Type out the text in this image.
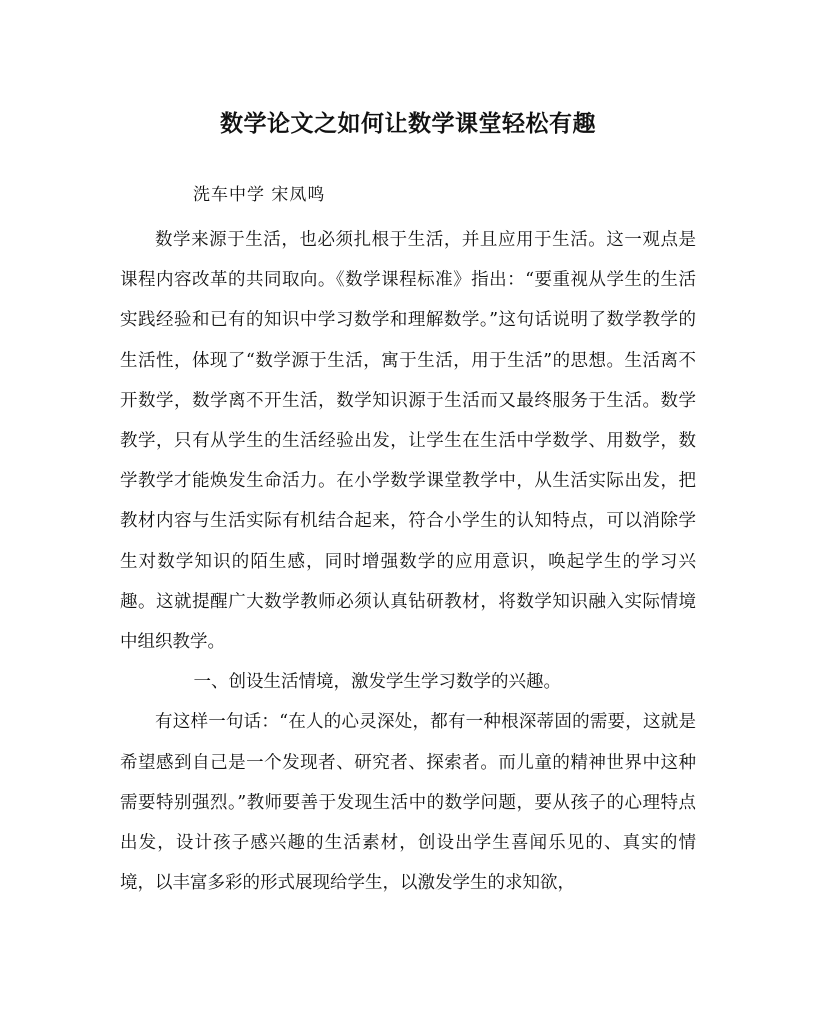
数学论文之如何让数学课堂轻松有趣

洗车中学 宋凤鸣

数学来源于生活，也必须扎根于生活，并且应用于生活。这一观点是课程内容改革的共同取向。《数学课程标准》指出：“要重视从学生的生活实践经验和已有的知识中学习数学和理解数学。”这句话说明了数学教学的生活性，体现了“数学源于生活，寓于生活，用于生活”的思想。生活离不开数学，数学离不开生活，数学知识源于生活而又最终服务于生活。数学教学，只有从学生的生活经验出发，让学生在生活中学数学、用数学，数学教学才能焕发生命活力。在小学数学课堂教学中，从生活实际出发，把教材内容与生活实际有机结合起来，符合小学生的认知特点，可以消除学生对数学知识的陌生感，同时增强数学的应用意识，唤起学生的学习兴趣。这就提醒广大数学教师必须认真钻研教材，将数学知识融入实际情境中组织教学。

一、创设生活情境，激发学生学习数学的兴趣。

有这样一句话：“在人的心灵深处，都有一种根深蒂固的需要，这就是希望感到自己是一个发现者、研究者、探索者。而儿童的精神世界中这种需要特别强烈。”教师要善于发现生活中的数学问题，要从孩子的心理特点出发，设计孩子感兴趣的生活素材，创设出学生喜闻乐见的、真实的情境，以丰富多彩的形式展现给学生，以激发学生的求知欲，
